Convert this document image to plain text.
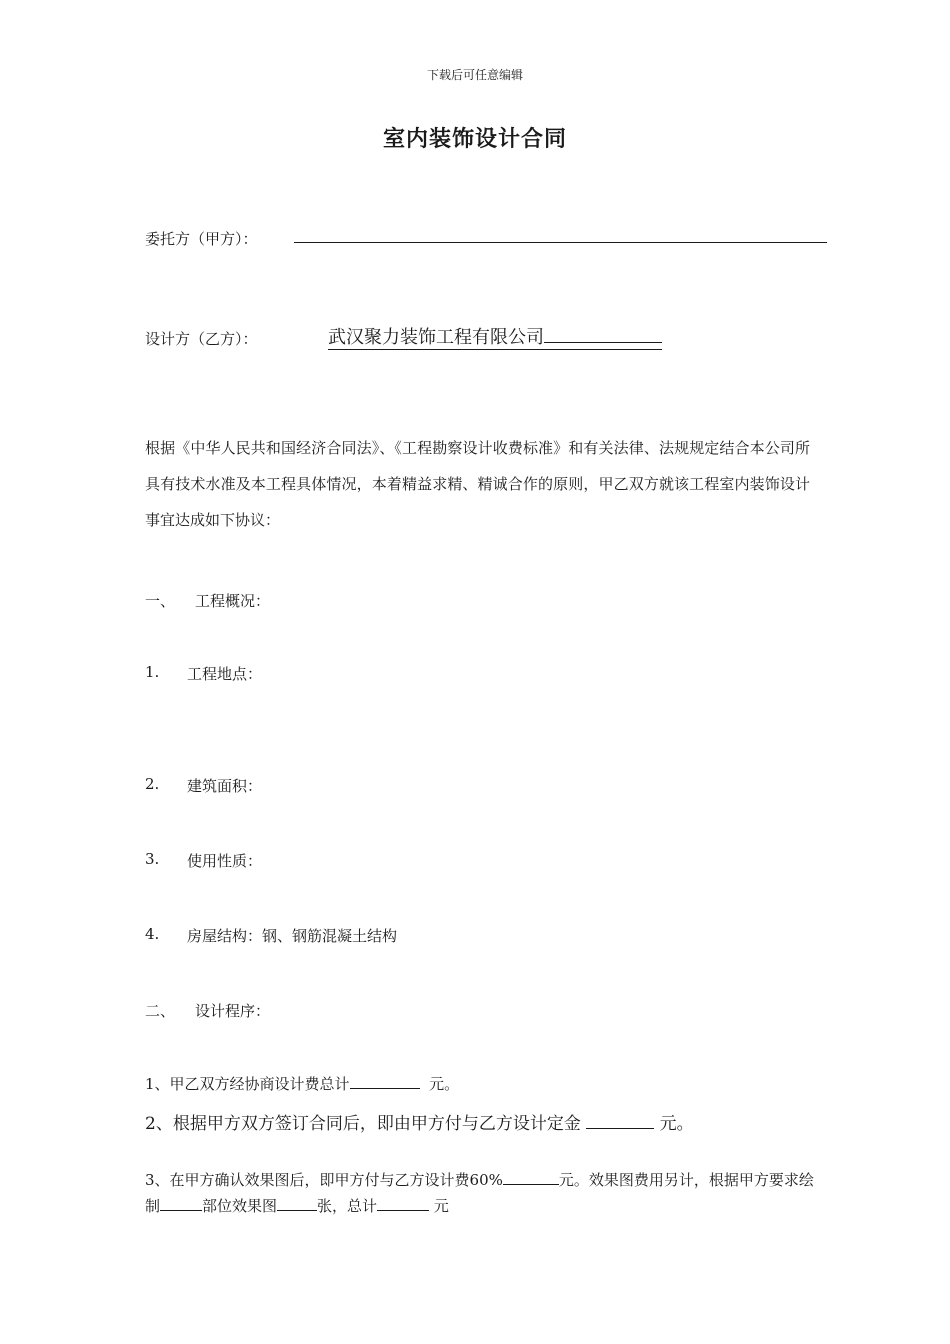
下载后可任意编辑
室内装饰设计合同
委托方（甲方）：
设计方（乙方）：	武汉聚力装饰工程有限公司
根据《中华人民共和国经济合同法》、《工程勘察设计收费标准》和有关法律、法规规定结合本公司所具有技术水准及本工程具体情况，本着精益求精、精诚合作的原则，甲乙双方就该工程室内装饰设计事宜达成如下协议：
一、 工程概况：
1. 工程地点：
2. 建筑面积：
3. 使用性质：
4. 房屋结构：钢、钢筋混凝土结构
二、 设计程序：
1、甲乙双方经协商设计费总计	元。
2、根据甲方双方签订合同后，即由甲方付与乙方设计定金	元。
3、在甲方确认效果图后，即甲方付与乙方设计费60%	元。效果图费用另计，根据甲方要求绘制	部位效果图	张，总计	元
